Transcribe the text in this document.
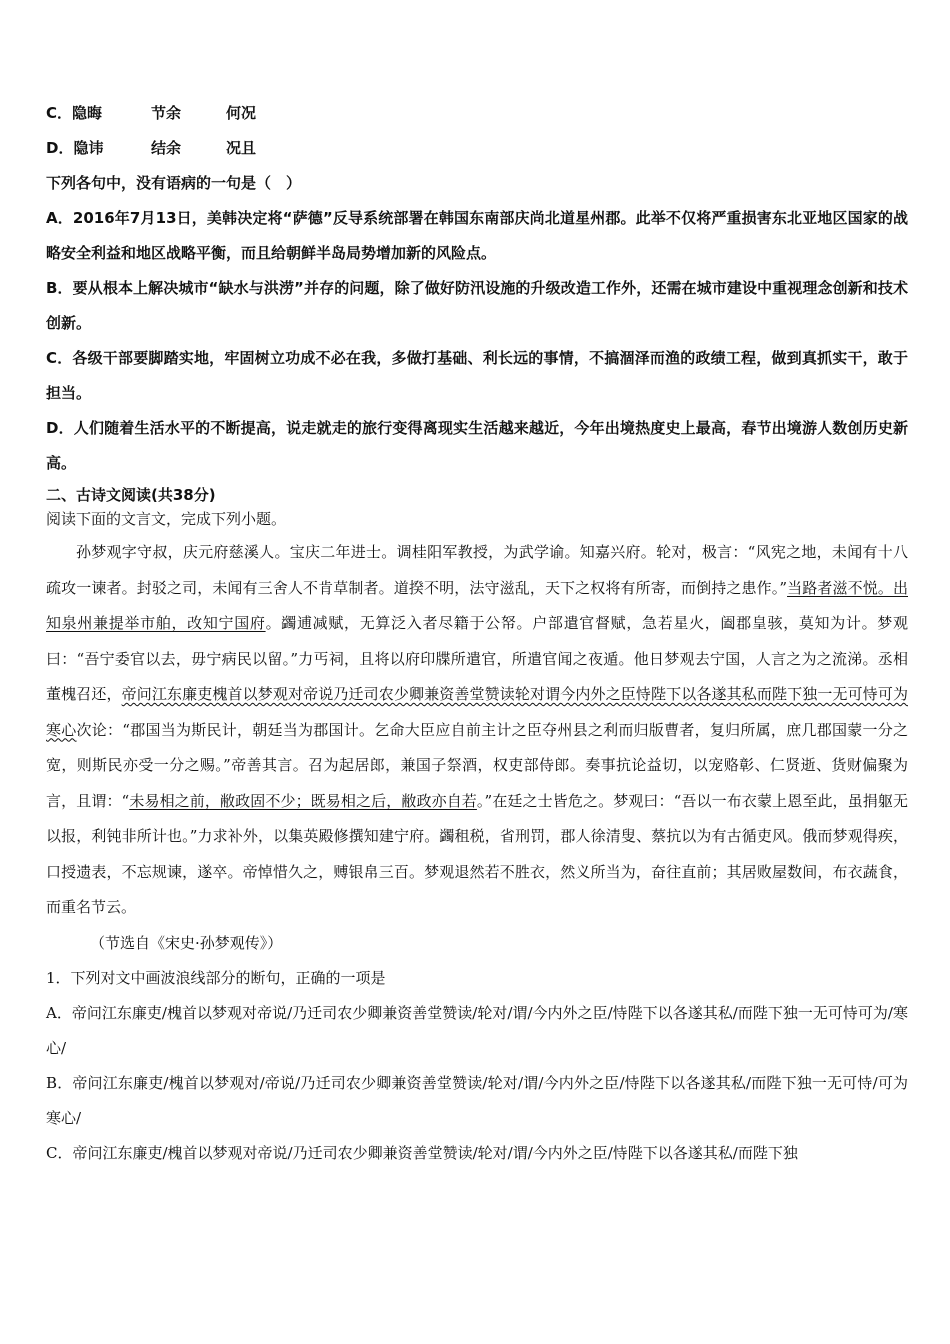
C．隐晦	节余	何况
D．隐讳	结余	况且
下列各句中，没有语病的一句是（　）
A．2016年7月13日，美韩决定将“萨德”反导系统部署在韩国东南部庆尚北道星州郡。此举不仅将严重损害东北亚地区国家的战略安全利益和地区战略平衡，而且给朝鲜半岛局势增加新的风险点。
B．要从根本上解决城市“缺水与洪涝”并存的问题，除了做好防汛设施的升级改造工作外，还需在城市建设中重视理念创新和技术创新。
C．各级干部要脚踏实地，牢固树立功成不必在我，多做打基础、利长远的事情，不搞涸泽而渔的政绩工程，做到真抓实干，敢于担当。
D．人们随着生活水平的不断提高，说走就走的旅行变得离现实生活越来越近，今年出境热度史上最高，春节出境游人数创历史新高。
二、古诗文阅读(共38分)
阅读下面的文言文，完成下列小题。
孙梦观字守叔，庆元府慈溪人。宝庆二年进士。调桂阳军教授，为武学谕。知嘉兴府。轮对，极言：“风宪之地，未闻有十八疏攻一谏者。封驳之司，未闻有三舍人不肯草制者。道揆不明，法守滋乱，天下之权将有所寄，而倒持之患作。”当路者滋不悦。出知泉州兼提举市舶，改知宁国府。蠲逋减赋，无算泛入者尽籍于公帑。户部遣官督赋，急若星火，阖郡皇骇，莫知为计。梦观曰：“吾宁委官以去，毋宁病民以留。”力丐祠，且将以府印牒所遣官，所遣官闻之夜遁。他日梦观去宁国，人言之为之流涕。丞相董槐召还，帝问江东廉吏槐首以梦观对帝说乃迁司农少卿兼资善堂赞读轮对谓今内外之臣恃陛下以各遂其私而陛下独一无可恃可为寒心次论：“郡国当为斯民计，朝廷当为郡国计。乞命大臣应自前主计之臣夺州县之利而归版曹者，复归所属，庶几郡国蒙一分之宽，则斯民亦受一分之赐。”帝善其言。召为起居郎，兼国子祭酒，权吏部侍郎。奏事抗论益切，以宠赂彰、仁贤逝、货财偏聚为言，且谓：“未易相之前，敝政固不少；既易相之后，敝政亦自若。”在廷之士皆危之。梦观曰：“吾以一布衣蒙上恩至此，虽捐躯无以报，利钝非所计也。”力求补外，以集英殿修撰知建宁府。蠲租税，省刑罚，郡人徐清叟、蔡抗以为有古循吏风。俄而梦观得疾，口授遗表，不忘规谏，遂卒。帝悼惜久之，赙银帛三百。梦观退然若不胜衣，然义所当为，奋往直前；其居败屋数间，布衣蔬食，而重名节云。
（节选自《宋史·孙梦观传》）
1．下列对文中画波浪线部分的断句，正确的一项是
A．帝问江东廉吏/槐首以梦观对帝说/乃迁司农少卿兼资善堂赞读/轮对/谓/今内外之臣/恃陛下以各遂其私/而陛下独一无可恃可为/寒心/
B．帝问江东廉吏/槐首以梦观对/帝说/乃迁司农少卿兼资善堂赞读/轮对/谓/今内外之臣/恃陛下以各遂其私/而陛下独一无可恃/可为寒心/
C．帝问江东廉吏/槐首以梦观对帝说/乃迁司农少卿兼资善堂赞读/轮对/谓/今内外之臣/恃陛下以各遂其私/而陛下独
